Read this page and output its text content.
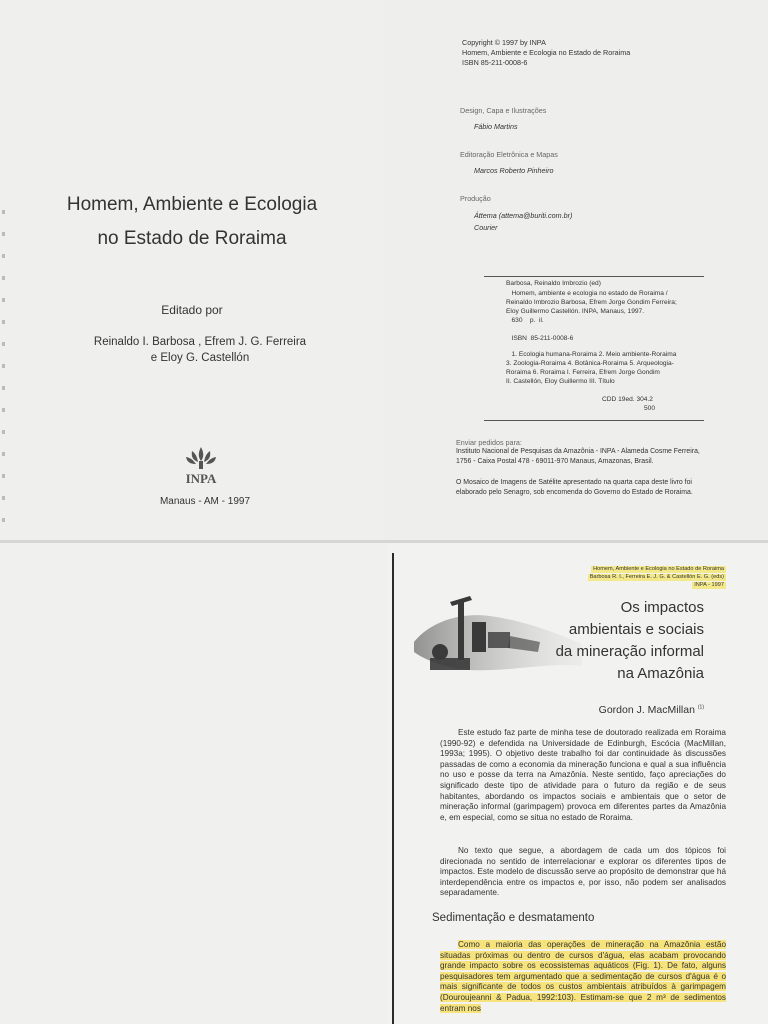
Homem, Ambiente e Ecologia
no Estado de Roraima
Editado por
Reinaldo I. Barbosa , Efrem J. G. Ferreira
e Eloy G. Castellón
INPA
Manaus - AM - 1997
Copyright © 1997 by INPA
Homem, Ambiente e Ecologia no Estado de Roraima
ISBN 85-211-0008-6
Design, Capa e Ilustrações
Fábio Martins
Editoração Eletrônica e Mapas
Marcos Roberto Pinheiro
Produção
Áttema (attema@buriti.com.br)
Courier
Barbosa, Reinaldo Imbrozio (ed)
Homem, ambiente e ecologia no estado de Roraima /
Reinaldo Imbrozio Barbosa, Efrem Jorge Gondim Ferreira;
Eloy Guillermo Castellón. INPA, Manaus, 1997.
630    p.  il.
ISBN  85-211-0008-6
1. Ecologia humana-Roraima 2. Meio ambiente-Roraima
3. Zoologia-Roraima 4. Botânica-Roraima 5. Arqueologia-
Roraima 6. Roraima I. Ferreira, Efrem Jorge Gondim
II. Castellón, Eloy Guillermo III. Título
CDD 19ed. 304.2
500
Enviar pedidos para:
Instituto Nacional de Pesquisas da Amazônia - INPA - Alameda Cosme Ferreira,
1756 - Caixa Postal 478 - 69011-970 Manaus, Amazonas, Brasil.
O Mosaico de Imagens de Satélite apresentado na quarta capa deste livro foi
elaborado pelo Senagro, sob encomenda do Governo do Estado de Roraima.
Homem, Ambiente e Ecologia no Estado de Roraima
Barbosa R. I., Ferreira E. J. G. & Castellón E. G. (eds)
INPA - 1997
Os impactos
ambientais e sociais
da mineração informal
na Amazônia
Gordon J. MacMillan $^{(1)}$

Este estudo faz parte de minha tese de doutorado realizada em Roraima (1990-92) e defendida na Universidade de Edinburgh, Escócia (MacMillan, 1993a; 1995). O objetivo deste trabalho foi dar continuidade às discussões passadas de como a economia da mineração funciona e qual a sua influência no uso e posse da terra na Amazônia. Neste sentido, faço apreciações do significado deste tipo de atividade para o futuro da região e de seus habitantes, abordando os impactos sociais e ambientais que o setor de mineração informal (garimpagem) provoca em diferentes partes da Amazônia e, em especial, como se situa no estado de Roraima.

No texto que segue, a abordagem de cada um dos tópicos foi direcionada no sentido de interrelacionar e explorar os diferentes tipos de impactos. Este modelo de discussão serve ao propósito de demonstrar que há interdependência entre os impactos e, por isso, não podem ser analisados separadamente.

Sedimentação e desmatamento

Como a maioria das operações de mineração na Amazônia estão situadas próximas ou dentro de cursos d'água, elas acabam provocando grande impacto sobre os ecossistemas aquáticos (Fig. 1). De fato, alguns pesquisadores tem argumentado que a sedimentação de cursos d'água é o mais significante de todos os custos ambientais atribuídos à garimpagem (Douroujeanni & Padua, 1992:103). Estimam-se que 2 m³ de sedimentos entram nos
